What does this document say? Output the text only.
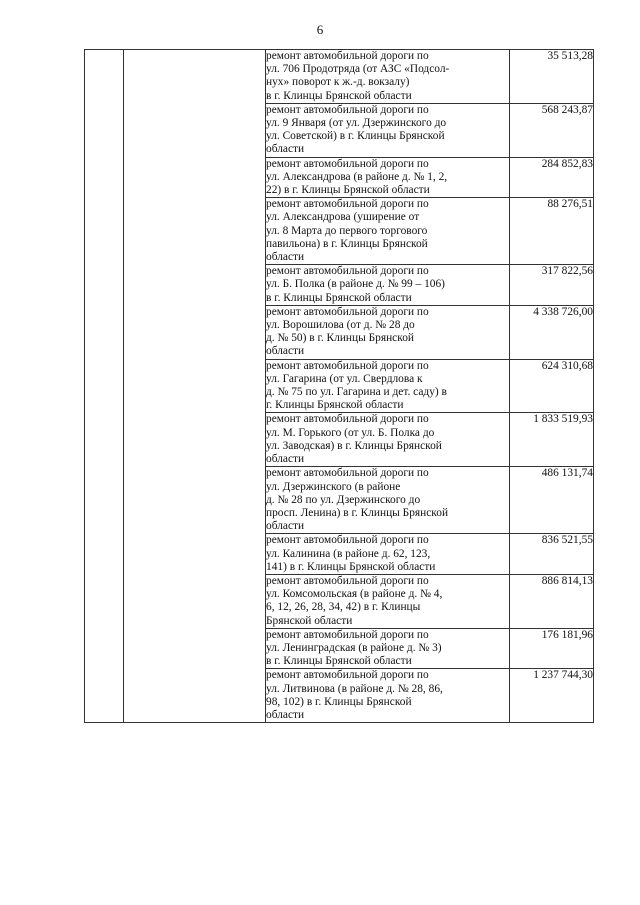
6

		ремонт автомобильной дороги по
ул. 706 Продотряда (от АЗС «Подсол-
нух» поворот к ж.-д. вокзалу)
в г. Клинцы Брянской области	35 513,28

		ремонт автомобильной дороги по
ул. 9 Января (от ул. Дзержинского до
ул. Советской) в г. Клинцы Брянской
области	568 243,87

		ремонт автомобильной дороги по
ул. Александрова (в районе д. № 1, 2,
22) в г. Клинцы Брянской области	284 852,83

		ремонт автомобильной дороги по
ул. Александрова (уширение от
ул. 8 Марта до первого торгового
павильона) в г. Клинцы Брянской
области	88 276,51

		ремонт автомобильной дороги по
ул. Б. Полка (в районе д. № 99 – 106)
в г. Клинцы Брянской области	317 822,56

		ремонт автомобильной дороги по
ул. Ворошилова (от д. № 28 до
д. № 50) в г. Клинцы Брянской
области	4 338 726,00

		ремонт автомобильной дороги по
ул. Гагарина (от ул. Свердлова к
д. № 75 по ул. Гагарина и дет. саду) в
г. Клинцы Брянской области	624 310,68

		ремонт автомобильной дороги по
ул. М. Горького (от ул. Б. Полка до
ул. Заводская) в г. Клинцы Брянской
области	1 833 519,93

		ремонт автомобильной дороги по
ул. Дзержинского (в районе
д. № 28 по ул. Дзержинского до
просп. Ленина) в г. Клинцы Брянской
области	486 131,74

		ремонт автомобильной дороги по
ул. Калинина (в районе д. 62, 123,
141) в г. Клинцы Брянской области	836 521,55

		ремонт автомобильной дороги по
ул. Комсомольская (в районе д. № 4,
6, 12, 26, 28, 34, 42) в г. Клинцы
Брянской области	886 814,13

		ремонт автомобильной дороги по
ул. Ленинградская (в районе д. № 3)
в г. Клинцы Брянской области	176 181,96

		ремонт автомобильной дороги по
ул. Литвинова (в районе д. № 28, 86,
98, 102) в г. Клинцы Брянской
области	1 237 744,30
